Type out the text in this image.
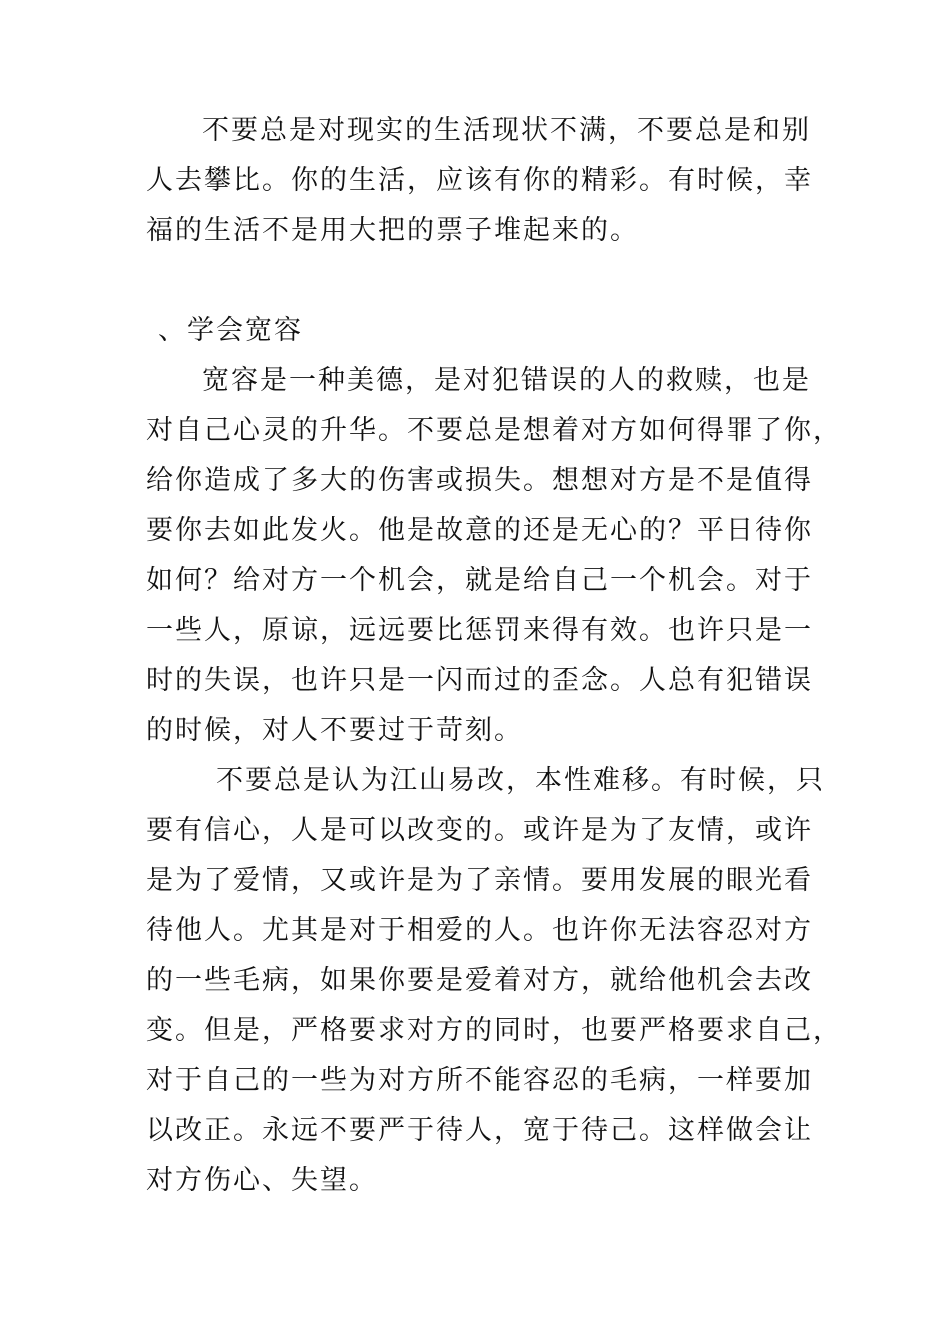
不要总是对现实的生活现状不满，不要总是和别
人去攀比。你的生活，应该有你的精彩。有时候，幸
福的生活不是用大把的票子堆起来的。
、学会宽容
宽容是一种美德，是对犯错误的人的救赎，也是
对自己心灵的升华。不要总是想着对方如何得罪了你，
给你造成了多大的伤害或损失。想想对方是不是值得
要你去如此发火。他是故意的还是无心的？平日待你
如何？给对方一个机会，就是给自己一个机会。对于
一些人，原谅，远远要比惩罚来得有效。也许只是一
时的失误，也许只是一闪而过的歪念。人总有犯错误
的时候，对人不要过于苛刻。
不要总是认为江山易改，本性难移。有时候，只
要有信心，人是可以改变的。或许是为了友情，或许
是为了爱情，又或许是为了亲情。要用发展的眼光看
待他人。尤其是对于相爱的人。也许你无法容忍对方
的一些毛病，如果你要是爱着对方，就给他机会去改
变。但是，严格要求对方的同时，也要严格要求自己，
对于自己的一些为对方所不能容忍的毛病，一样要加
以改正。永远不要严于待人，宽于待己。这样做会让
对方伤心、失望。
